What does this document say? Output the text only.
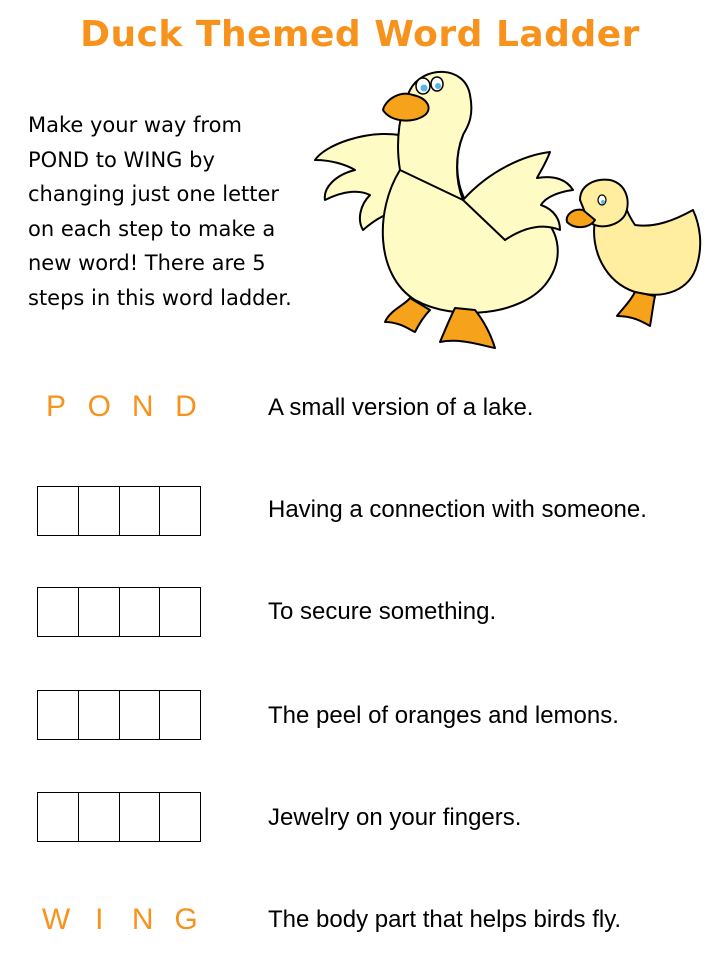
Duck Themed Word Ladder
Make your way from
POND to WING by
changing just one letter
on each step to make a
new word! There are 5
steps in this word ladder.
P O N D	A small version of a lake.
Having a connection with someone.
To secure something.
The peel of oranges and lemons.
Jewelry on your fingers.
W I N G	The body part that helps birds fly.
